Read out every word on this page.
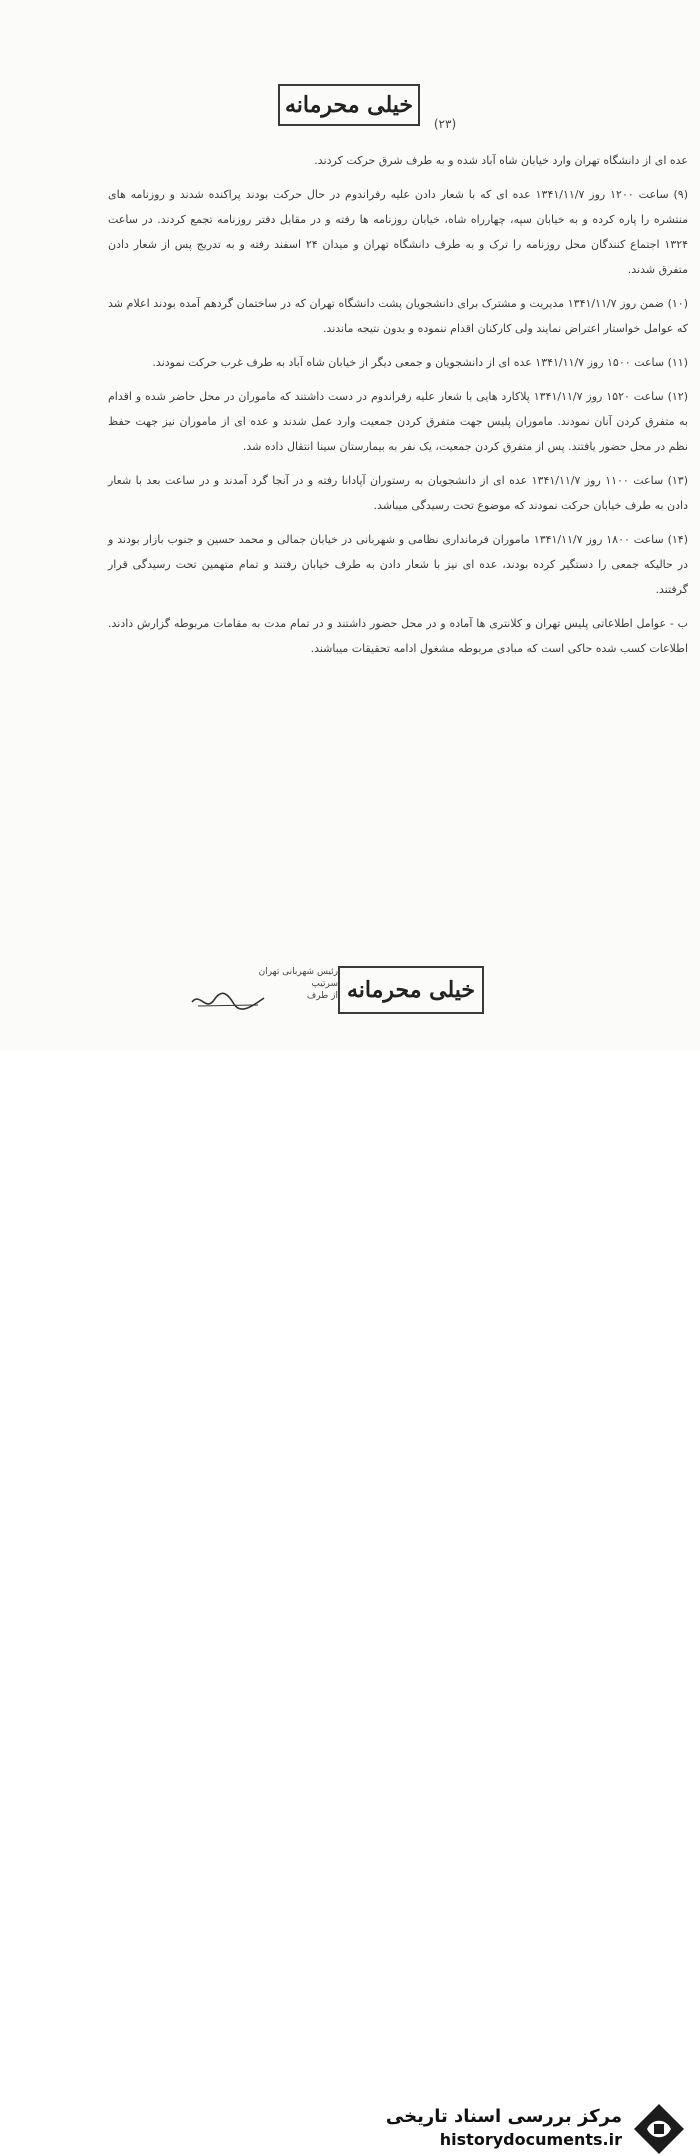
خیلی محرمانه
(۲۳)

عده ای از دانشگاه تهران وارد خیابان شاه آباد شده و به طرف شرق حرکت کردند.

(۹) ساعت ۱۲۰۰ روز ۱۳۴۱/۱۱/۷ عده ای که با شعار دادن علیه رفراندوم در حال حرکت بودند پراکنده شدند و روزنامه های منتشره را پاره کرده و به خیابان سپه، چهارراه شاه، خیابان روزنامه ها رفته و در مقابل دفتر روزنامه تجمع کردند. در ساعت ۱۳۲۴ اجتماع کنندگان محل روزنامه را ترک و به طرف دانشگاه تهران و میدان ۲۴ اسفند رفته و به تدریج پس از شعار دادن متفرق شدند.

(۱۰) ضمن روز ۱۳۴۱/۱۱/۷ مدیریت و مشترک برای دانشجویان پشت دانشگاه تهران که در ساختمان گردهم آمده بودند اعلام شد که عوامل خواستار اعتراض نمایند ولی کارکنان اقدام ننموده و بدون نتیجه ماندند.

(۱۱) ساعت ۱۵۰۰ روز ۱۳۴۱/۱۱/۷ عده ای از دانشجویان و جمعی دیگر از خیابان شاه آباد به طرف غرب حرکت نمودند.

(۱۲) ساعت ۱۵۲۰ روز ۱۳۴۱/۱۱/۷ پلاکارد هایی با شعار علیه رفراندوم در دست داشتند که ماموران در محل حاضر شده و اقدام به متفرق کردن آنان نمودند. ماموران پلیس جهت متفرق کردن جمعیت وارد عمل شدند و عده ای از ماموران نیز جهت حفظ نظم در محل حضور یافتند. پس از متفرق کردن جمعیت، یک نفر به بیمارستان سینا انتقال داده شد.

(۱۳) ساعت ۱۱۰۰ روز ۱۳۴۱/۱۱/۷ عده ای از دانشجویان به رستوران آپادانا رفته و در آنجا گرد آمدند و در ساعت بعد با شعار دادن به طرف خیابان حرکت نمودند که موضوع تحت رسیدگی میباشد.

(۱۴) ساعت ۱۸۰۰ روز ۱۳۴۱/۱۱/۷ ماموران فرمانداری نظامی و شهربانی در خیابان جمالی و محمد حسین و جنوب بازار بودند و در حالیکه جمعی را دستگیر کرده بودند، عده ای نیز با شعار دادن به طرف خیابان رفتند و تمام متهمین تحت رسیدگی قرار گرفتند.

ب - عوامل اطلاعاتی پلیس تهران و کلانتری ها آماده و در محل حضور داشتند و در تمام مدت به مقامات مربوطه گزارش دادند. اطلاعات کسب شده حاکی است که مبادی مربوطه مشغول ادامه تحقیقات میباشند.

رئیس شهربانی تهران
سرتیپ
از طرف خیلی محرمانه
مرکز بررسی اسناد تاریخی
historydocuments.ir
